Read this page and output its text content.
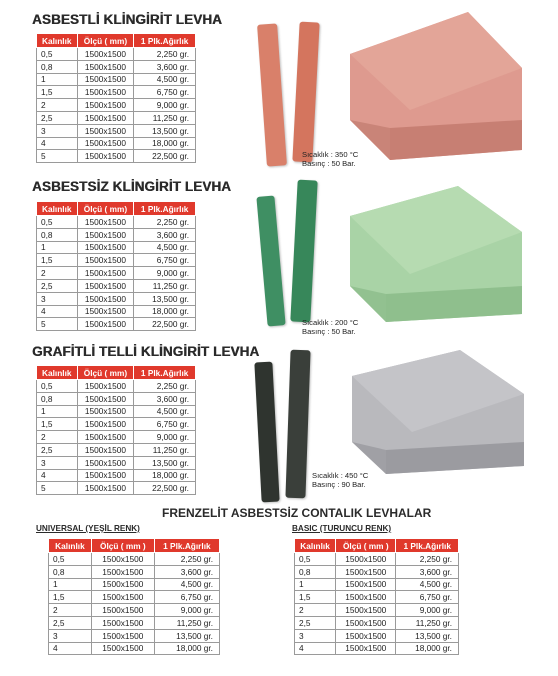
ASBESTLİ KLİNGİRİT LEVHA
Kalınlık	Ölçü ( mm)	1 Plk.Ağırlık
0,5	1500x1500	2,250 gr.
0,8	1500x1500	3,600 gr.
1	1500x1500	4,500 gr.
1,5	1500x1500	6,750 gr.
2	1500x1500	9,000 gr.
2,5	1500x1500	11,250 gr.
3	1500x1500	13,500 gr.
4	1500x1500	18,000 gr.
5	1500x1500	22,500 gr.	Sıcaklık : 350 °C
Basınç : 50 Bar.
ASBESTSİZ KLİNGİRİT LEVHA
Kalınlık	Ölçü ( mm)	1 Plk.Ağırlık
0,5	1500x1500	2,250 gr.
0,8	1500x1500	3,600 gr.
1	1500x1500	4,500 gr.
1,5	1500x1500	6,750 gr.
2	1500x1500	9,000 gr.
2,5	1500x1500	11,250 gr.
3	1500x1500	13,500 gr.
4	1500x1500	18,000 gr.
5	1500x1500	22,500 gr.	Sıcaklık : 200 °C
Basınç : 50 Bar.
GRAFİTLİ TELLİ KLİNGİRİT LEVHA
Kalınlık	Ölçü ( mm)	1 Plk.Ağırlık
0,5	1500x1500	2,250 gr.
0,8	1500x1500	3,600 gr.
1	1500x1500	4,500 gr.
1,5	1500x1500	6,750 gr.
2	1500x1500	9,000 gr.
2,5	1500x1500	11,250 gr.
3	1500x1500	13,500 gr.
4	1500x1500	18,000 gr.
5	1500x1500	22,500 gr.
Sıcaklık : 450 °C
Basınç : 90 Bar.
FRENZELİT ASBESTSİZ CONTALIK LEVHALAR
UNIVERSAL (YEŞİL RENK)	BASIC (TURUNCU RENK)
Kalınlık	Ölçü ( mm )	1 Plk.Ağırlık
0,5	1500x1500	2,250 gr.
0,8	1500x1500	3,600 gr.
1	1500x1500	4,500 gr.
1,5	1500x1500	6,750 gr.
2	1500x1500	9,000 gr.
2,5	1500x1500	11,250 gr.
3	1500x1500	13,500 gr.
4	1500x1500	18,000 gr.
Kalınlık	Ölçü ( mm )	1 Plk.Ağırlık
0,5	1500x1500	2,250 gr.
0,8	1500x1500	3,600 gr.
1	1500x1500	4,500 gr.
1,5	1500x1500	6,750 gr.
2	1500x1500	9,000 gr.
2,5	1500x1500	11,250 gr.
3	1500x1500	13,500 gr.
4	1500x1500	18,000 gr.
